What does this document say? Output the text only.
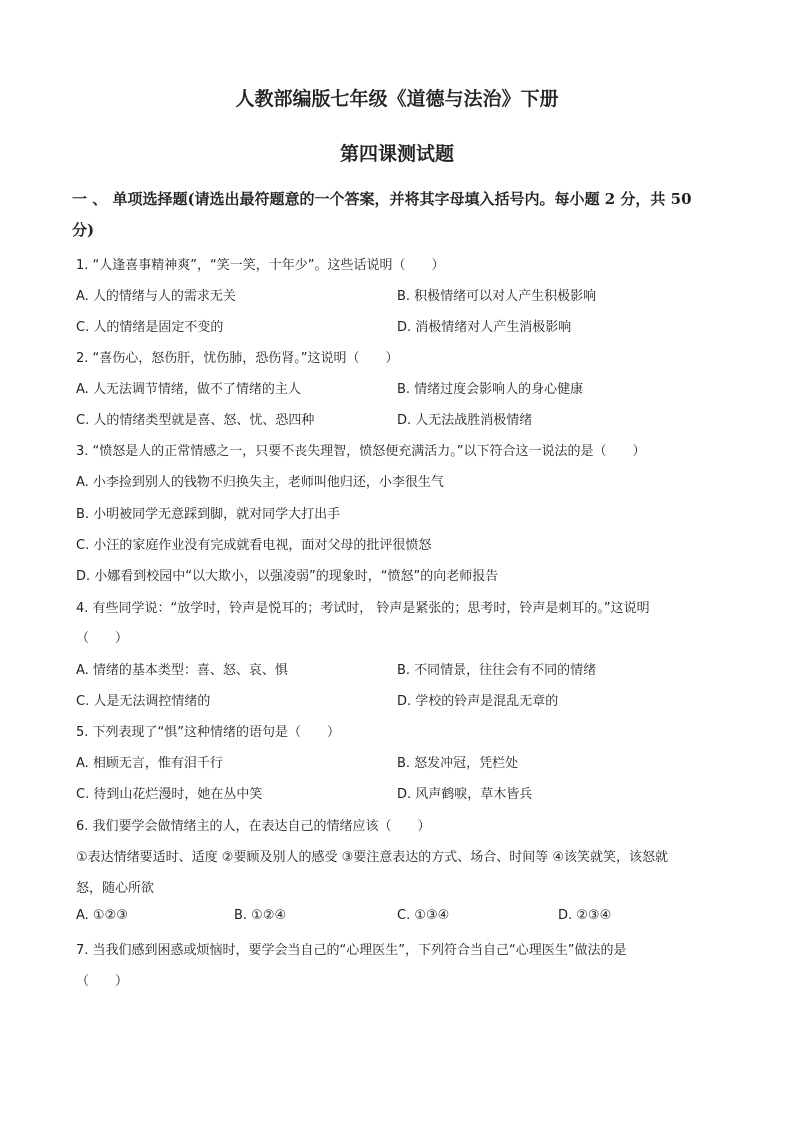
人教部编版七年级《道德与法治》下册
第四课测试题
一 、 单项选择题(请选出最符题意的一个答案，并将其字母填入括号内。每小题 2 分，共 50
分)
1. “人逢喜事精神爽”，“笑一笑，十年少”。这些话说明（　　）
A. 人的情绪与人的需求无关	B. 积极情绪可以对人产生积极影响
C. 人的情绪是固定不变的	D. 消极情绪对人产生消极影响
2. “喜伤心，怒伤肝，忧伤肺，恐伤肾。”这说明（　　）
A. 人无法调节情绪，做不了情绪的主人	B. 情绪过度会影响人的身心健康
C. 人的情绪类型就是喜、怒、忧、恐四种	D. 人无法战胜消极情绪
3. “愤怒是人的正常情感之一，只要不丧失理智，愤怒便充满活力。”以下符合这一说法的是（　　）
A. 小李捡到别人的钱物不归换失主，老师叫他归还，小李很生气
B. 小明被同学无意踩到脚，就对同学大打出手
C. 小汪的家庭作业没有完成就看电视，面对父母的批评很愤怒
D. 小娜看到校园中“以大欺小，以强凌弱”的现象时，“愤怒”的向老师报告
4. 有些同学说：“放学时，铃声是悦耳的；考试时， 铃声是紧张的；思考时，铃声是刺耳的。”这说明
（　　）
A. 情绪的基本类型：喜、怒、哀、惧	B. 不同情景，往往会有不同的情绪
C. 人是无法调控情绪的	D. 学校的铃声是混乱无章的
5. 下列表现了“惧”这种情绪的语句是（　　）
A. 相顾无言，惟有泪千行	B. 怒发冲冠，凭栏处
C. 待到山花烂漫时，她在丛中笑	D. 风声鹤唳，草木皆兵
6. 我们要学会做情绪主的人，在表达自己的情绪应该（　　）
①表达情绪要适时、适度 ②要顾及别人的感受 ③要注意表达的方式、场合、时间等 ④该笑就笑，该怒就
怒，随心所欲
A. ①②③	B. ①②④	C. ①③④	D. ②③④
7. 当我们感到困惑或烦恼时，要学会当自己的“心理医生”，下列符合当自己“心理医生”做法的是
（　　）
